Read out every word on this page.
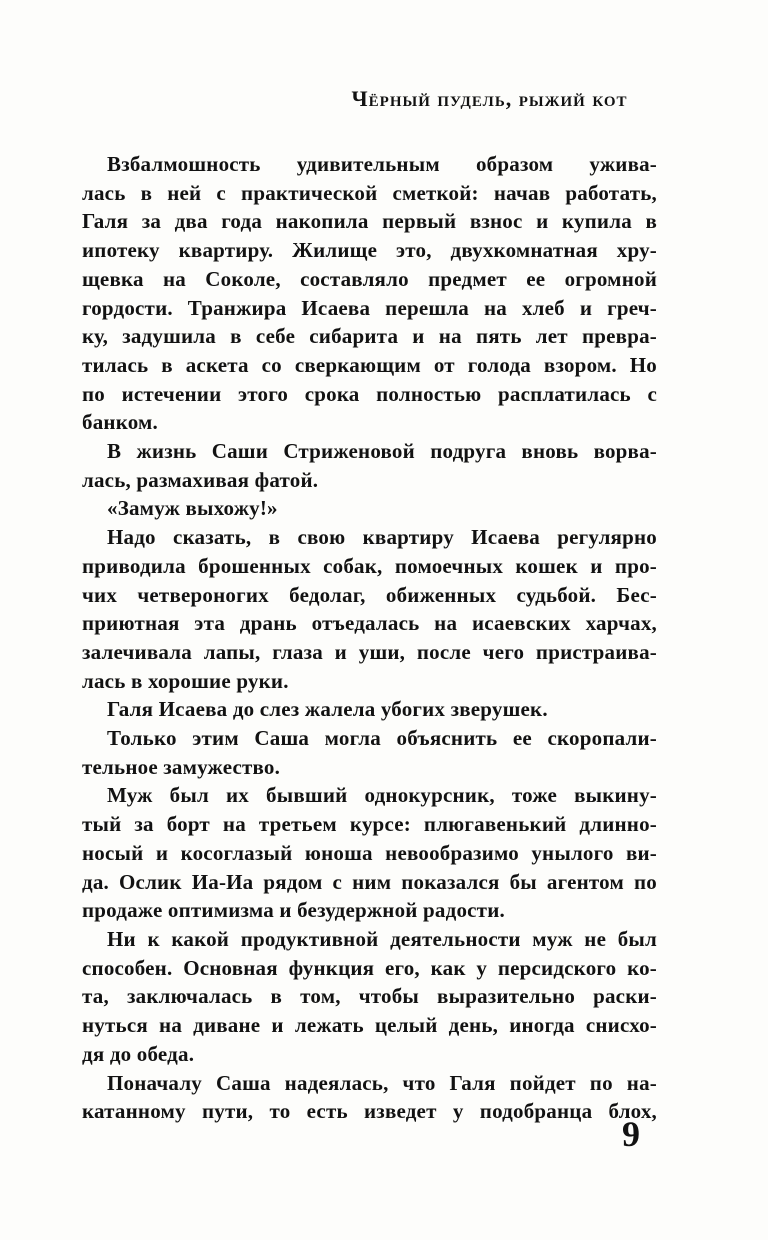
Чёрный пудель, рыжий кот
Взбалмошность удивительным образом ужива-
лась в ней с практической сметкой: начав работать,
Галя за два года накопила первый взнос и купила в
ипотеку квартиру. Жилище это, двухкомнатная хру-
щевка на Соколе, составляло предмет ее огромной
гордости. Транжира Исаева перешла на хлеб и греч-
ку, задушила в себе сибарита и на пять лет превра-
тилась в аскета со сверкающим от голода взором. Но
по истечении этого срока полностью расплатилась с
банком.
В жизнь Саши Стриженовой подруга вновь ворва-
лась, размахивая фатой.
«Замуж выхожу!»
Надо сказать, в свою квартиру Исаева регулярно
приводила брошенных собак, помоечных кошек и про-
чих четвероногих бедолаг, обиженных судьбой. Бес-
приютная эта дрань отъедалась на исаевских харчах,
залечивала лапы, глаза и уши, после чего пристраива-
лась в хорошие руки.
Галя Исаева до слез жалела убогих зверушек.
Только этим Саша могла объяснить ее скоропали-
тельное замужество.
Муж был их бывший однокурсник, тоже выкину-
тый за борт на третьем курсе: плюгавенький длинно-
носый и косоглазый юноша невообразимо унылого ви-
да. Ослик Иа-Иа рядом с ним показался бы агентом по
продаже оптимизма и безудержной радости.
Ни к какой продуктивной деятельности муж не был
способен. Основная функция его, как у персидского ко-
та, заключалась в том, чтобы выразительно раски-
нуться на диване и лежать целый день, иногда снисхо-
дя до обеда.
Поначалу Саша надеялась, что Галя пойдет по на-
катанному пути, то есть изведет у подобранца блох,
9
